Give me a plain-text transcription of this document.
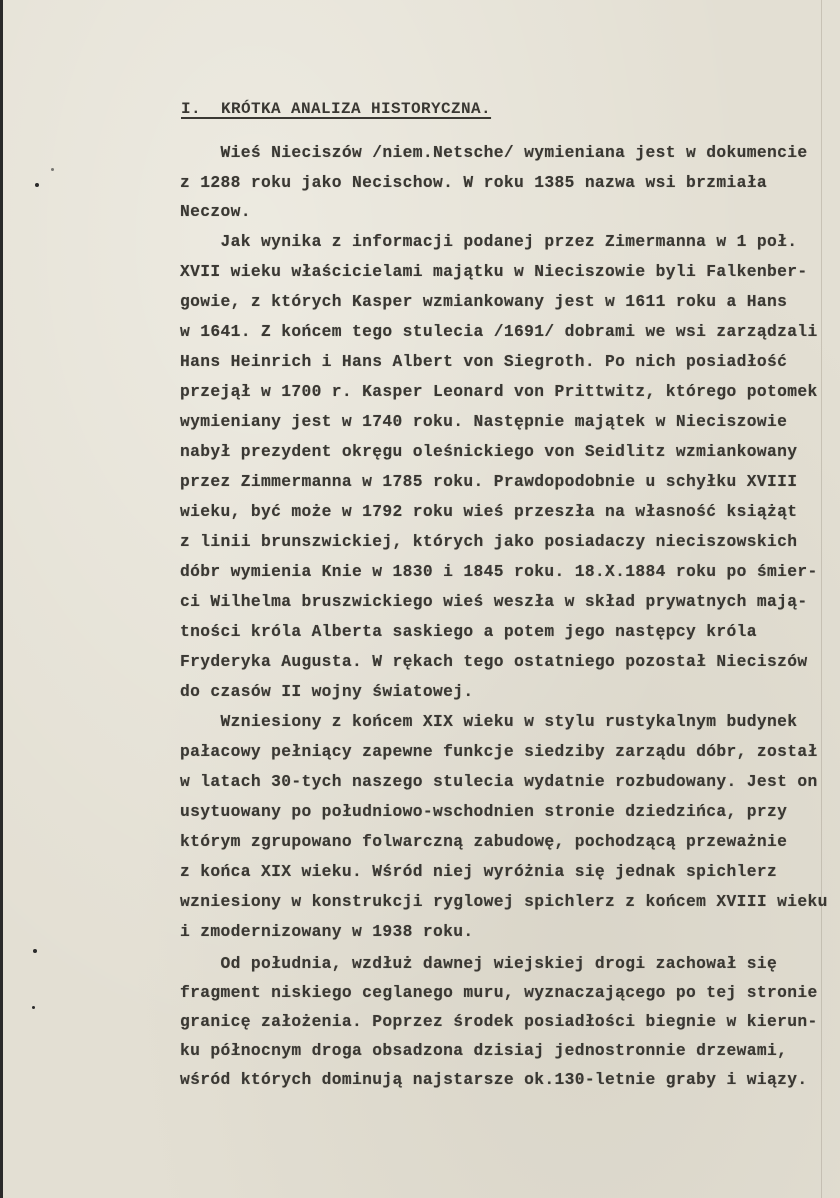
I.  KRÓTKA ANALIZA HISTORYCZNA.
Wieś Nieciszów /niem.Netsche/ wymieniana jest w dokumencie
z 1288 roku jako Necischow. W roku 1385 nazwa wsi brzmiała
Neczow.
Jak wynika z informacji podanej przez Zimermanna w 1 poł.
XVII wieku właścicielami majątku w Nieciszowie byli Falkenber-
gowie, z których Kasper wzmiankowany jest w 1611 roku a Hans
w 1641. Z końcem tego stulecia /1691/ dobrami we wsi zarządzali
Hans Heinrich i Hans Albert von Siegroth. Po nich posiadłość
przejął w 1700 r. Kasper Leonard von Prittwitz, którego potomek
wymieniany jest w 1740 roku. Następnie majątek w Nieciszowie
nabył prezydent okręgu oleśnickiego von Seidlitz wzmiankowany
przez Zimmermanna w 1785 roku. Prawdopodobnie u schyłku XVIII
wieku, być może w 1792 roku wieś przeszła na własność książąt
z linii brunszwickiej, których jako posiadaczy nieciszowskich
dóbr wymienia Knie w 1830 i 1845 roku. 18.X.1884 roku po śmier-
ci Wilhelma bruszwickiego wieś weszła w skład prywatnych mają-
tności króla Alberta saskiego a potem jego następcy króla
Fryderyka Augusta. W rękach tego ostatniego pozostał Nieciszów
do czasów II wojny światowej.
Wzniesiony z końcem XIX wieku w stylu rustykalnym budynek
pałacowy pełniący zapewne funkcje siedziby zarządu dóbr, został
w latach 30-tych naszego stulecia wydatnie rozbudowany. Jest on
usytuowany po południowo-wschodnien stronie dziedzińca, przy
którym zgrupowano folwarczną zabudowę, pochodzącą przeważnie
z końca XIX wieku. Wśród niej wyróżnia się jednak spichlerz
wzniesiony w konstrukcji ryglowej spichlerz z końcem XVIII wieku
i zmodernizowany w 1938 roku.
Od południa, wzdłuż dawnej wiejskiej drogi zachował się
fragment niskiego ceglanego muru, wyznaczającego po tej stronie
granicę założenia. Poprzez środek posiadłości biegnie w kierun-
ku północnym droga obsadzona dzisiaj jednostronnie drzewami,
wśród których dominują najstarsze ok.130-letnie graby i wiązy.
